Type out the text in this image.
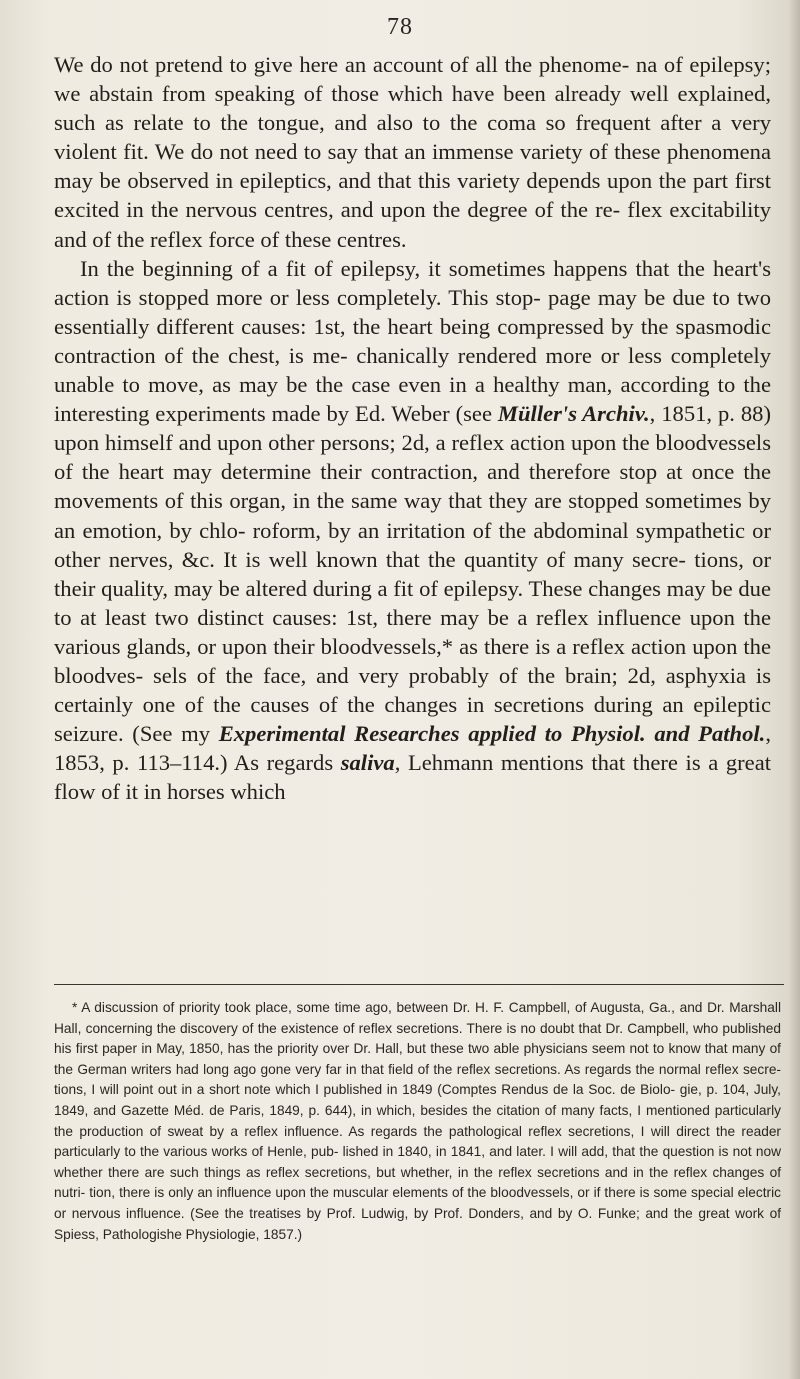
78

We do not pretend to give here an account of all the phenome- na of epilepsy; we abstain from speaking of those which have been already well explained, such as relate to the tongue, and also to the coma so frequent after a very violent fit. We do not need to say that an immense variety of these phenomena may be observed in epileptics, and that this variety depends upon the part first excited in the nervous centres, and upon the degree of the re- flex excitability and of the reflex force of these centres.

In the beginning of a fit of epilepsy, it sometimes happens that the heart's action is stopped more or less completely. This stop- page may be due to two essentially different causes: 1st, the heart being compressed by the spasmodic contraction of the chest, is me- chanically rendered more or less completely unable to move, as may be the case even in a healthy man, according to the interesting experiments made by Ed. Weber (see Müller's Archiv., 1851, p. 88) upon himself and upon other persons; 2d, a reflex action upon the bloodvessels of the heart may determine their contraction, and therefore stop at once the movements of this organ, in the same way that they are stopped sometimes by an emotion, by chlo- roform, by an irritation of the abdominal sympathetic or other nerves, &c. It is well known that the quantity of many secre- tions, or their quality, may be altered during a fit of epilepsy. These changes may be due to at least two distinct causes: 1st, there may be a reflex influence upon the various glands, or upon their bloodvessels,* as there is a reflex action upon the bloodves- sels of the face, and very probably of the brain; 2d, asphyxia is certainly one of the causes of the changes in secretions during an epileptic seizure. (See my Experimental Researches applied to Physiol. and Pathol., 1853, p. 113–114.) As regards saliva, Lehmann mentions that there is a great flow of it in horses which

* A discussion of priority took place, some time ago, between Dr. H. F. Campbell, of Augusta, Ga., and Dr. Marshall Hall, concerning the discovery of the existence of reflex secretions. There is no doubt that Dr. Campbell, who published his first paper in May, 1850, has the priority over Dr. Hall, but these two able physicians seem not to know that many of the German writers had long ago gone very far in that field of the reflex secretions. As regards the normal reflex secre- tions, I will point out in a short note which I published in 1849 (Comptes Rendus de la Soc. de Biolo- gie, p. 104, July, 1849, and Gazette Méd. de Paris, 1849, p. 644), in which, besides the citation of many facts, I mentioned particularly the production of sweat by a reflex influence. As regards the pathological reflex secretions, I will direct the reader particularly to the various works of Henle, pub- lished in 1840, in 1841, and later. I will add, that the question is not now whether there are such things as reflex secretions, but whether, in the reflex secretions and in the reflex changes of nutri- tion, there is only an influence upon the muscular elements of the bloodvessels, or if there is some special electric or nervous influence. (See the treatises by Prof. Ludwig, by Prof. Donders, and by O. Funke; and the great work of Spiess, Pathologishe Physiologie, 1857.)
